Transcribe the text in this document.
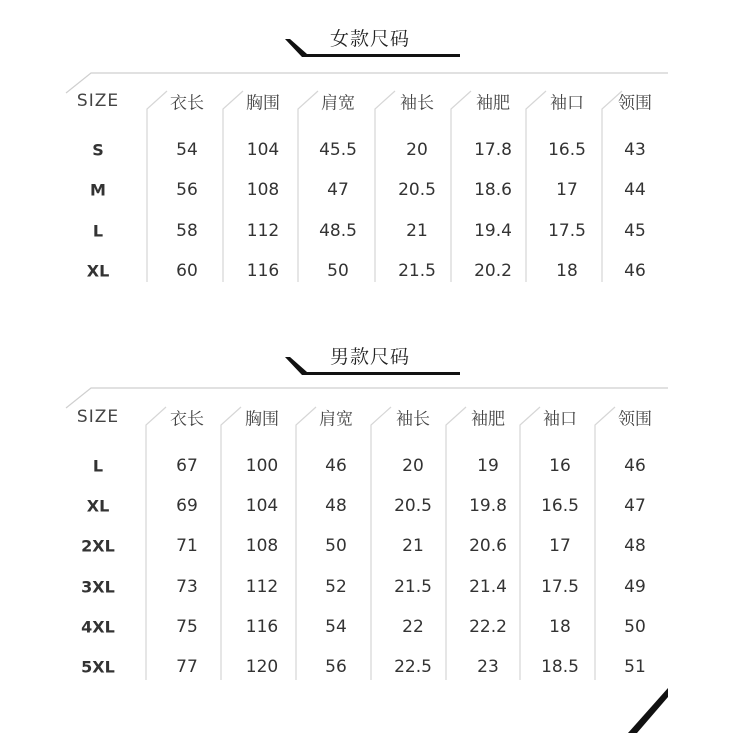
女款尺码
SIZE	衣长 胸围 肩宽	袖长 袖肥 袖口 领围
S	54	104 45.5	20	17.8 16.5 43
M	56	108	47	20.5 18.6	17	44
L	58	112 48.5	21	19.4 17.5 45
XL	60	116	50	21.5 20.2	18	46
男款尺码
SIZE	衣长 胸围 肩宽	袖长 袖肥 袖口 领围
L	67	100	46	20	19	16	46
XL	69	104	48	20.5 19.8 16.5	47
2XL	71	108	50	21	20.6 17	48
3XL	73	112	52	21.5 21.4 17.5	49
4XL	75	116	54	22	22.2 18	50
5XL	77	120	56	22.5	23 18.5	51
